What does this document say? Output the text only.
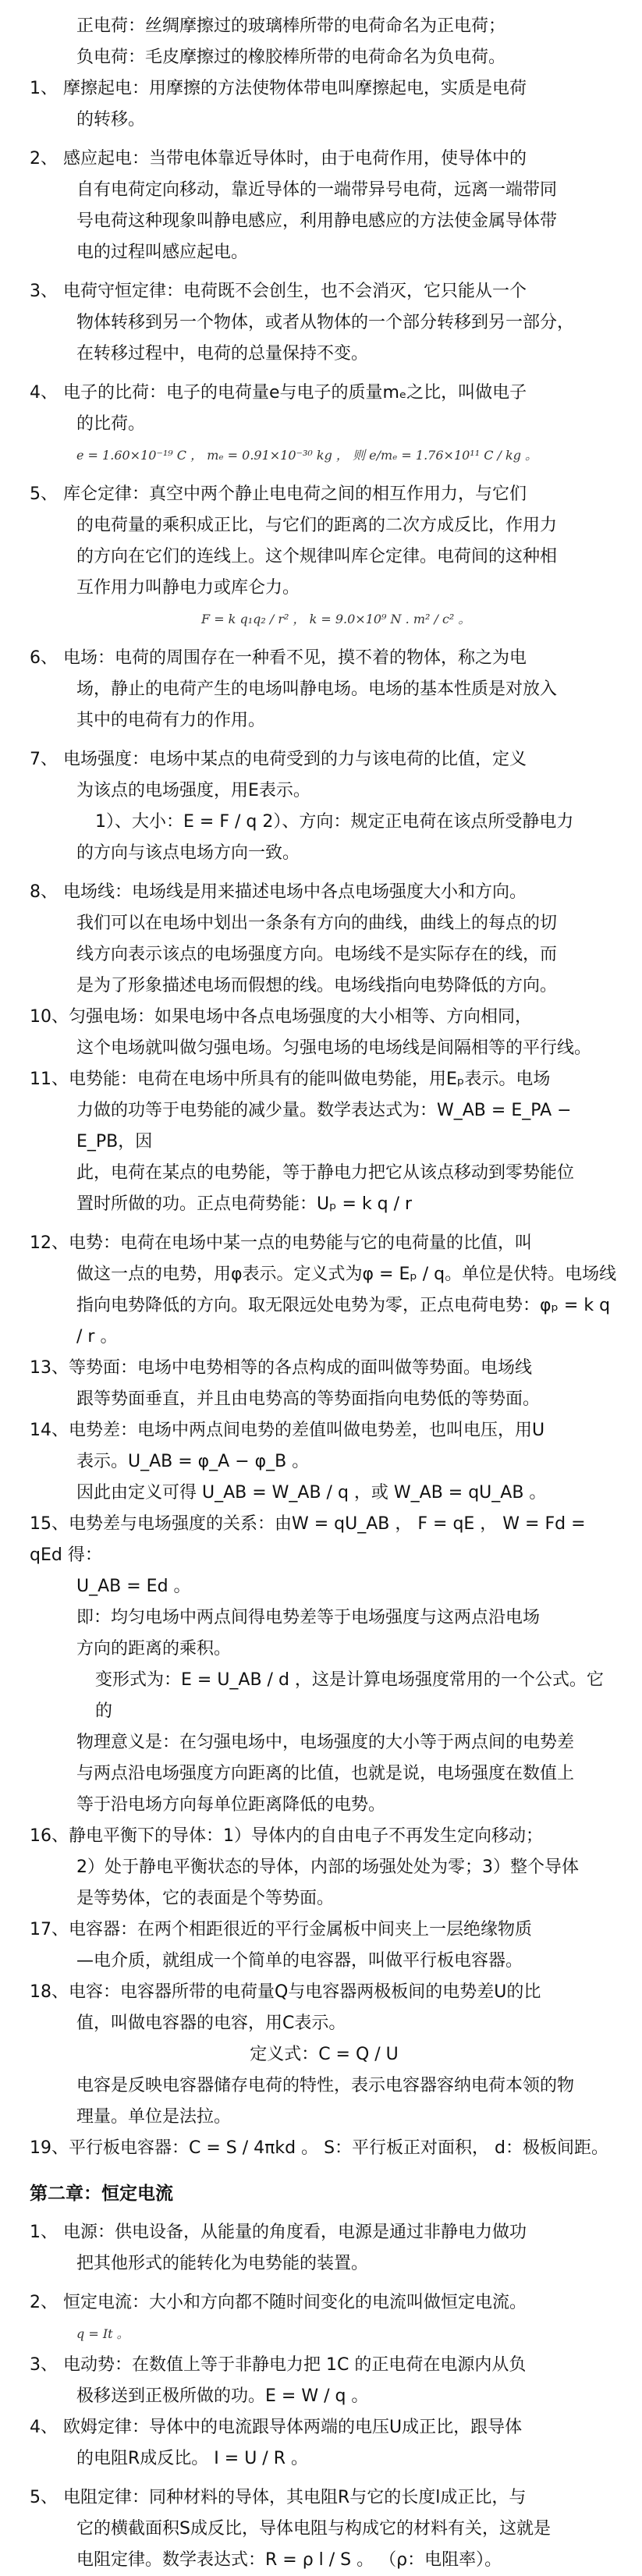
正电荷：丝绸摩擦过的玻璃棒所带的电荷命名为正电荷；

负电荷：毛皮摩擦过的橡胶棒所带的电荷命名为负电荷。

1、 摩擦起电：用摩擦的方法使物体带电叫摩擦起电，实质是电荷

的转移。

2、 感应起电：当带电体靠近导体时，由于电荷作用，使导体中的

自有电荷定向移动，靠近导体的一端带异号电荷，远离一端带同

号电荷这种现象叫静电感应，利用静电感应的方法使金属导体带

电的过程叫感应起电。

3、 电荷守恒定律：电荷既不会创生，也不会消灭，它只能从一个

物体转移到另一个物体，或者从物体的一个部分转移到另一部分，

在转移过程中，电荷的总量保持不变。

4、 电子的比荷：电子的电荷量e与电子的质量mₑ之比，叫做电子

的比荷。

e = 1.60×10⁻¹⁹ C ， mₑ = 0.91×10⁻³⁰ kg ， 则 e/mₑ = 1.76×10¹¹ C / kg 。

5、 库仑定律：真空中两个静止电电荷之间的相互作用力，与它们

的电荷量的乘积成正比，与它们的距离的二次方成反比，作用力

的方向在它们的连线上。这个规律叫库仑定律。电荷间的这种相

互作用力叫静电力或库仑力。

F = k q₁q₂ / r² ， k = 9.0×10⁹ N . m² / c² 。

6、 电场：电荷的周围存在一种看不见，摸不着的物体，称之为电

场，静止的电荷产生的电场叫静电场。电场的基本性质是对放入

其中的电荷有力的作用。

7、 电场强度：电场中某点的电荷受到的力与该电荷的比值，定义

为该点的电场强度，用E表示。

1）、大小：E = F / q 2）、方向：规定正电荷在该点所受静电力

的方向与该点电场方向一致。

8、 电场线：电场线是用来描述电场中各点电场强度大小和方向。

我们可以在电场中划出一条条有方向的曲线，曲线上的每点的切

线方向表示该点的电场强度方向。电场线不是实际存在的线，而

是为了形象描述电场而假想的线。电场线指向电势降低的方向。

10、匀强电场：如果电场中各点电场强度的大小相等、方向相同，

这个电场就叫做匀强电场。匀强电场的电场线是间隔相等的平行线。

11、电势能：电荷在电场中所具有的能叫做电势能，用Eₚ表示。电场

力做的功等于电势能的减少量。数学表达式为：W_AB = E_PA − E_PB，因

此，电荷在某点的电势能，等于静电力把它从该点移动到零势能位

置时所做的功。正点电荷势能：Uₚ = k q / r

12、电势：电荷在电场中某一点的电势能与它的电荷量的比值，叫

做这一点的电势，用φ表示。定义式为φ = Eₚ / q。单位是伏特。电场线

指向电势降低的方向。取无限远处电势为零，正点电荷电势：φₚ = k q / r 。

13、等势面：电场中电势相等的各点构成的面叫做等势面。电场线

跟等势面垂直，并且由电势高的等势面指向电势低的等势面。

14、电势差：电场中两点间电势的差值叫做电势差，也叫电压，用U

表示。U_AB = φ_A − φ_B 。

因此由定义可得 U_AB = W_AB / q ，或 W_AB = qU_AB 。

15、电势差与电场强度的关系：由W = qU_AB ， F = qE ， W = Fd = qEd 得：

U_AB = Ed 。

即：均匀电场中两点间得电势差等于电场强度与这两点沿电场

方向的距离的乘积。

变形式为：E = U_AB / d ，这是计算电场强度常用的一个公式。它的

物理意义是：在匀强电场中，电场强度的大小等于两点间的电势差

与两点沿电场强度方向距离的比值，也就是说，电场强度在数值上

等于沿电场方向每单位距离降低的电势。

16、静电平衡下的导体：1）导体内的自由电子不再发生定向移动；

2）处于静电平衡状态的导体，内部的场强处处为零；3）整个导体

是等势体，它的表面是个等势面。

17、电容器：在两个相距很近的平行金属板中间夹上一层绝缘物质

—电介质，就组成一个简单的电容器，叫做平行板电容器。

18、电容：电容器所带的电荷量Q与电容器两极板间的电势差U的比

值，叫做电容器的电容，用C表示。

定义式：C = Q / U

电容是反映电容器储存电荷的特性，表示电容器容纳电荷本领的物

理量。单位是法拉。

19、平行板电容器：C = S / 4πkd 。 S：平行板正对面积， d：极板间距。

第二章：恒定电流

1、 电源：供电设备，从能量的角度看，电源是通过非静电力做功

把其他形式的能转化为电势能的装置。

2、 恒定电流：大小和方向都不随时间变化的电流叫做恒定电流。

q = It 。

3、 电动势：在数值上等于非静电力把 1C 的正电荷在电源内从负

极移送到正极所做的功。E = W / q 。

4、 欧姆定律：导体中的电流跟导体两端的电压U成正比，跟导体

的电阻R成反比。 I = U / R 。

5、 电阻定律：同种材料的导体，其电阻R与它的长度l成正比，与

它的横截面积S成反比，导体电阻与构成它的材料有关，这就是

电阻定律。数学表达式：R = ρ l / S 。 （ρ：电阻率）。
